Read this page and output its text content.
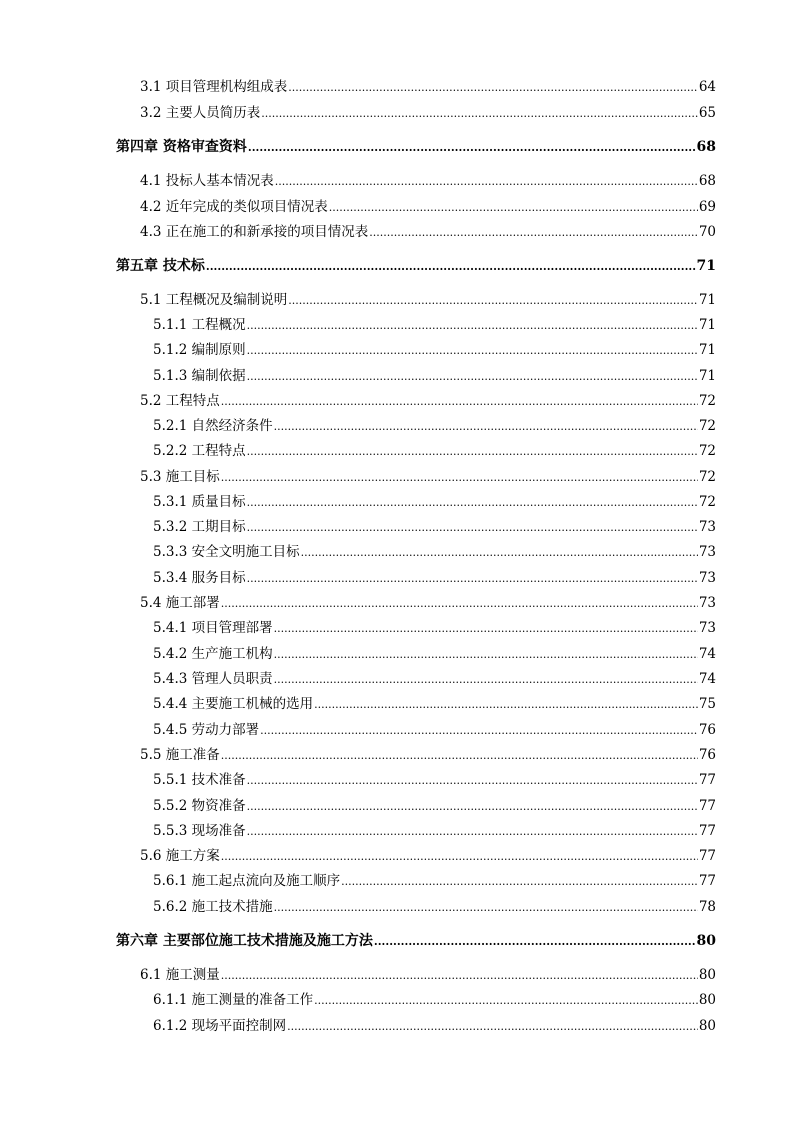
3.1 项目管理机构组成表 .....	64
3.2 主要人员简历表 .....	65
第四章 资格审查资料 .....	68
4.1 投标人基本情况表 .....	68
4.2 近年完成的类似项目情况表 .....	69
4.3 正在施工的和新承接的项目情况表 .....	70
第五章 技术标 .....	71
5.1 工程概况及编制说明 .....	71
5.1.1 工程概况 .....	71
5.1.2 编制原则 .....	71
5.1.3 编制依据 .....	71
5.2 工程特点 .....	72
5.2.1 自然经济条件 .....	72
5.2.2 工程特点 .....	72
5.3 施工目标 .....	72
5.3.1 质量目标 .....	72
5.3.2 工期目标 .....	73
5.3.3 安全文明施工目标 .....	73
5.3.4 服务目标 .....	73
5.4 施工部署 .....	73
5.4.1 项目管理部署 .....	73
5.4.2 生产施工机构 .....	74
5.4.3 管理人员职责 .....	74
5.4.4 主要施工机械的选用 .....	75
5.4.5 劳动力部署 .....	76
5.5 施工准备 .....	76
5.5.1 技术准备 .....	77
5.5.2 物资准备 .....	77
5.5.3 现场准备 .....	77
5.6 施工方案 .....	77
5.6.1 施工起点流向及施工顺序 .....	77
5.6.2 施工技术措施 .....	78
第六章 主要部位施工技术措施及施工方法 .....	80
6.1 施工测量 .....	80
6.1.1 施工测量的准备工作 .....	80
6.1.2 现场平面控制网 .....	80
